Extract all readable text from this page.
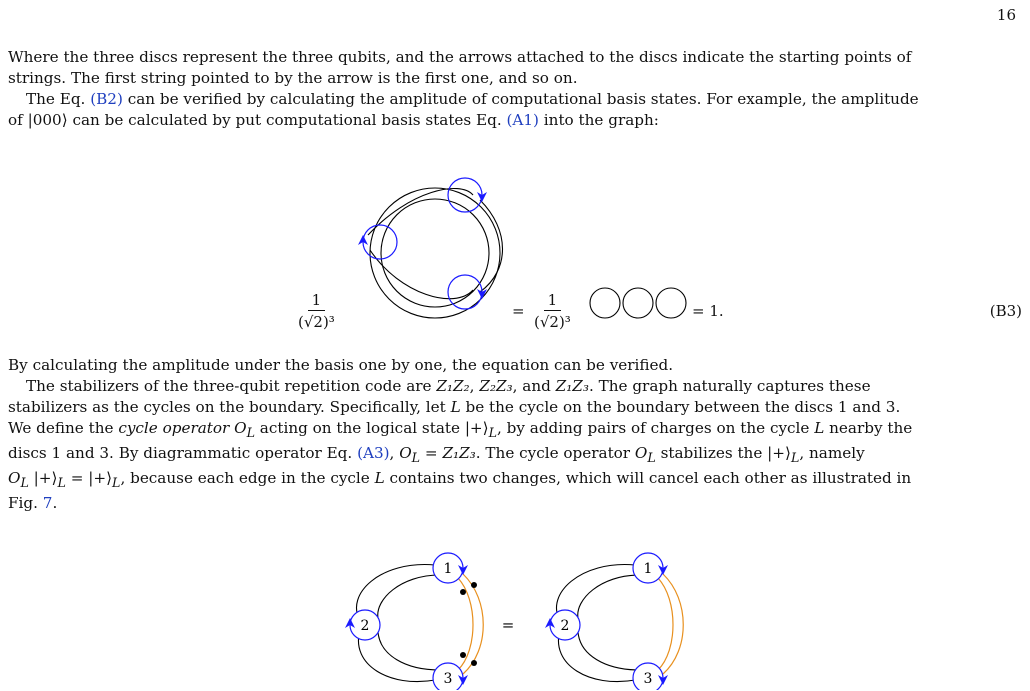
16
Where the three discs represent the three qubits, and the arrows attached to the discs indicate the starting points of
strings. The first string pointed to by the arrow is the first one, and so on.
The Eq. (B2) can be verified by calculating the amplitude of computational basis states. For example, the amplitude
of |000⟩ can be calculated by put computational basis states Eq. (A1) into the graph:
$\frac{1}{\text{(√2)³}}$	= $\frac{1}{\text{(√2)³}}$	= 1.	(B3)
By calculating the amplitude under the basis one by one, the equation can be verified.
The stabilizers of the three-qubit repetition code are Z₁Z₂, Z₂Z₃, and Z₁Z₃. The graph naturally captures these
stabilizers as the cycles on the boundary. Specifically, let L be the cycle on the boundary between the discs 1 and 3.
We define the cycle operator $O_L$ acting on the logical state $|+⟩_L$, by adding pairs of charges on the cycle L nearby the
discs 1 and 3. By diagrammatic operator Eq. (A3), $O_L = Z_1Z_3$. The cycle operator $O_L$ stabilizes the $|+⟩_L$, namely
$O_L$ $|+⟩_L$ = $|+⟩_L$, because each edge in the cycle L contains two changes, which will cancel each other as illustrated in
Fig. 7.
1
2
3
=
1
2
3
